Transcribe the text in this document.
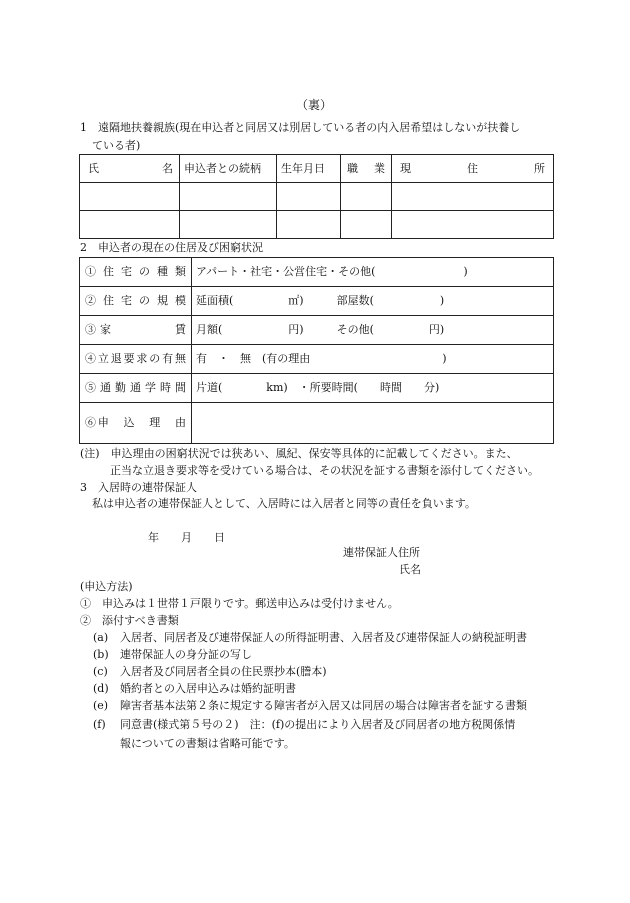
（裏）
1　遠隔地扶養親族(現在申込者と同居又は別居している者の内入居希望はしないが扶養し
ている者)
氏　名	申込者との続柄	生年月日	職　業	現　住　所

2　申込者の現在の住居及び困窮状況
①住宅の種類	アパート・社宅・公営住宅・その他(　　　　　　　　)
②住宅の規模	延面積(　　　　　㎡)　　　部屋数(　　　　　　)
③家　　　　賃	月額(　　　　　　円)　　　その他(　　　　　円)
④立退要求の有無	有　・　無　(有の理由　　　　　　　　　　　　)
⑤通勤通学時間	片道(　　　　km)　・所要時間(　　時間　　分)
⑥申　込　理　由	
(注)　申込理由の困窮状況では狭あい、風紀、保安等具体的に記載してください。また、
正当な立退き要求等を受けている場合は、その状況を証する書類を添付してください。
3　入居時の連帯保証人
私は申込者の連帯保証人として、入居時には入居者と同等の責任を負います。
年　　月　　日
連帯保証人住所
氏名
(申込方法)
①　申込みは１世帯１戸限りです。郵送申込みは受付けません。
②　添付すべき書類
(a) 入居者、同居者及び連帯保証人の所得証明書、入居者及び連帯保証人の納税証明書
(b) 連帯保証人の身分証の写し
(c) 入居者及び同居者全員の住民票抄本(謄本)
(d) 婚約者との入居申込みは婚約証明書
(e) 障害者基本法第２条に規定する障害者が入居又は同居の場合は障害者を証する書類
(f) 同意書(様式第５号の２)　注：(f)の提出により入居者及び同居者の地方税関係情
報についての書類は省略可能です。
